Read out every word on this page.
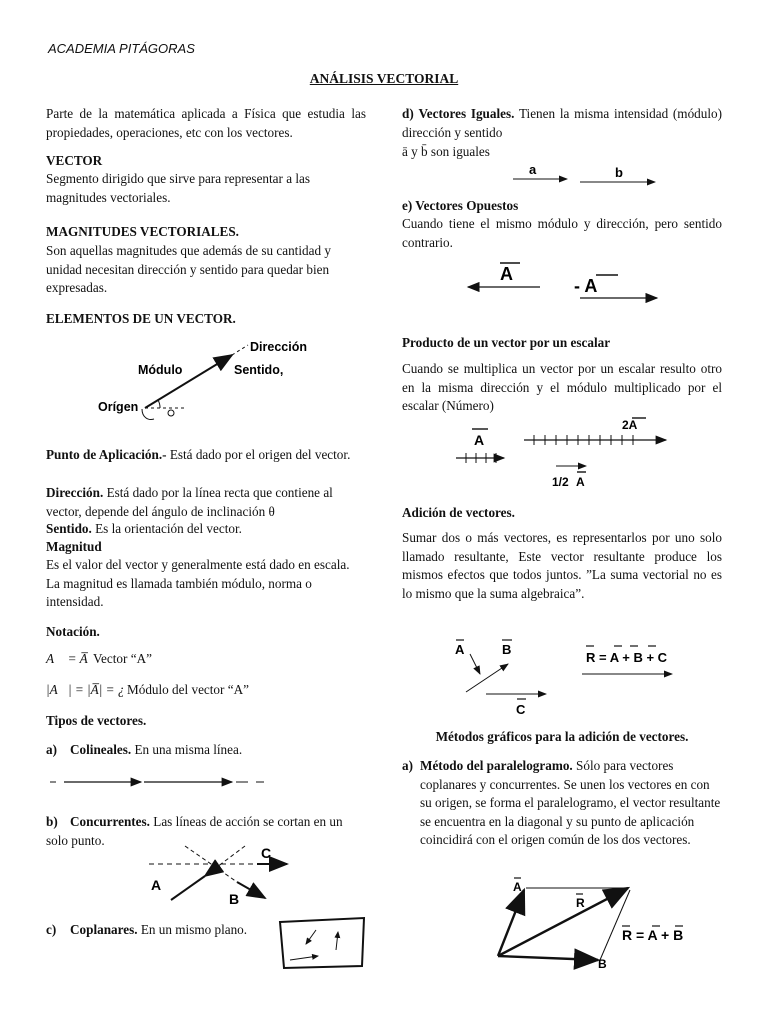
ACADEMIA PITÁGORAS
ANÁLISIS VECTORIAL
Parte de la matemática aplicada a Física que estudia las propiedades, operaciones, etc con los vectores.
VECTOR
Segmento dirigido que sirve para representar a las magnitudes vectoriales.
MAGNITUDES VECTORIALES.
Son aquellas magnitudes que además de su cantidad y unidad necesitan dirección y sentido para quedar bien expresadas.
ELEMENTOS DE UN VECTOR.
Dirección
Módulo	Sentido,
Orígen
Punto de Aplicación.- Está dado por el origen del vector.
Dirección. Está dado por la línea recta que contiene al vector, depende del ángulo de inclinación θ
Sentido. Es la orientación del vector.
Magnitud
Es el valor del vector y generalmente está dado en escala. La magnitud es llamada también módulo, norma o intensidad.
Notación.
A⃗ = A̅ Vector “A”
|A⃗| = |A̅| = ¿ Módulo del vector “A”
Tipos de vectores.
a) Colineales. En una misma línea.
b) Concurrentes. Las líneas de acción se cortan en un solo punto.
C
A
B
c) Coplanares. En un mismo plano.
d) Vectores Iguales. Tienen la misma intensidad (módulo) dirección y sentido
ā y b̄ son iguales
a	b
e) Vectores Opuestos
Cuando tiene el mismo módulo y dirección, pero sentido contrario.
A
- A
Producto de un vector por un escalar
Cuando se multiplica un vector por un escalar resulto otro en la misma dirección y el módulo multiplicado por el escalar (Número)
A
2A
1/2 A
Adición de vectores.
Sumar dos o más vectores, es representarlos por uno solo llamado resultante, Este vector resultante produce los mismos efectos que todos juntos. ”La suma vectorial no es lo mismo que la suma algebraica”.
A	B
C
R = A + B + C
Métodos gráficos para la adición de vectores.
a) Método del paralelogramo. Sólo para vectores coplanares y concurrentes. Se unen los vectores en con su origen, se forma el paralelogramo, el vector resultante se encuentra en la diagonal y su punto de aplicación coincidirá con el origen común de los dos vectores.
A
R
B
R = A + B
